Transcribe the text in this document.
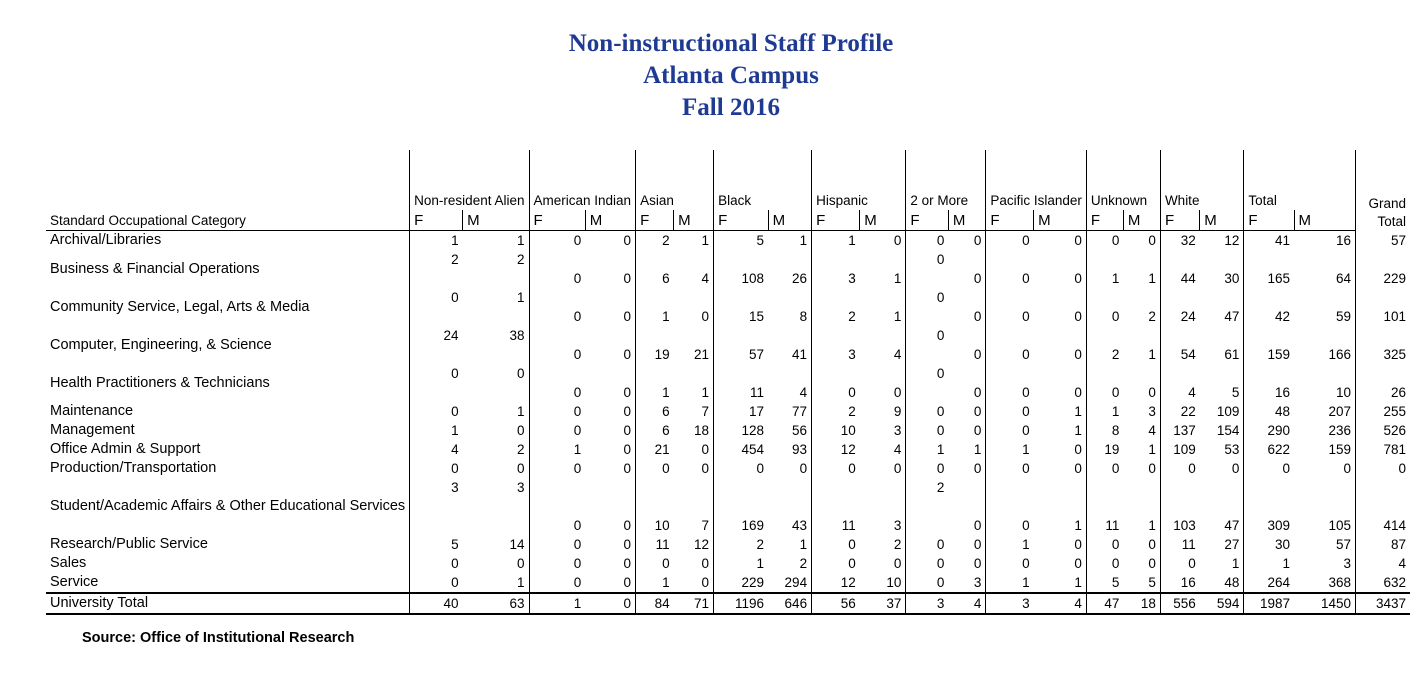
Non-instructional Staff Profile
Atlanta Campus
Fall 2016
Standard Occupational Category	Non-resident Alien		American Indian		Asian		Black		Hispanic		2 or More		Pacific Islander		Unknown		White		Total		Grand Total
	F	M	F	M	F	M	F	M	F	M	F	M	F	M	F	M	F	M	F	M	
Archival/Libraries	1	1	0	0	2	1	5	1	1	0	0	0	0	0	0	0	32	12	41	16	57
Business & Financial Operations	2	2	0	0	6	4	108	26	3	1	0	0	0	0	1	1	44	30	165	64	229
Community Service, Legal, Arts & Media	0	1	0	0	1	0	15	8	2	1	0	0	0	0	0	2	24	47	42	59	101
Computer, Engineering, & Science	24	38	0	0	19	21	57	41	3	4	0	0	0	0	2	1	54	61	159	166	325
Health Practitioners & Technicians	0	0	0	0	1	1	11	4	0	0	0	0	0	0	0	0	4	5	16	10	26
Maintenance	0	1	0	0	6	7	17	77	2	9	0	0	0	1	1	3	22	109	48	207	255
Management	1	0	0	0	6	18	128	56	10	3	0	0	0	1	8	4	137	154	290	236	526
Office Admin & Support	4	2	1	0	21	0	454	93	12	4	1	1	1	0	19	1	109	53	622	159	781
Production/Transportation	0	0	0	0	0	0	0	0	0	0	0	0	0	0	0	0	0	0	0	0	0
Student/Academic Affairs & Other Educational Services	3	3	0	0	10	7	169	43	11	3	2	0	0	1	11	1	103	47	309	105	414
Research/Public Service	5	14	0	0	11	12	2	1	0	2	0	0	1	0	0	0	11	27	30	57	87
Sales	0	0	0	0	0	0	1	2	0	0	0	0	0	0	0	0	0	1	1	3	4
Service	0	1	0	0	1	0	229	294	12	10	0	3	1	1	5	5	16	48	264	368	632
University Total	40	63	1	0	84	71	1196	646	56	37	3	4	3	4	47	18	556	594	1987	1450	3437
Source: Office of Institutional Research
